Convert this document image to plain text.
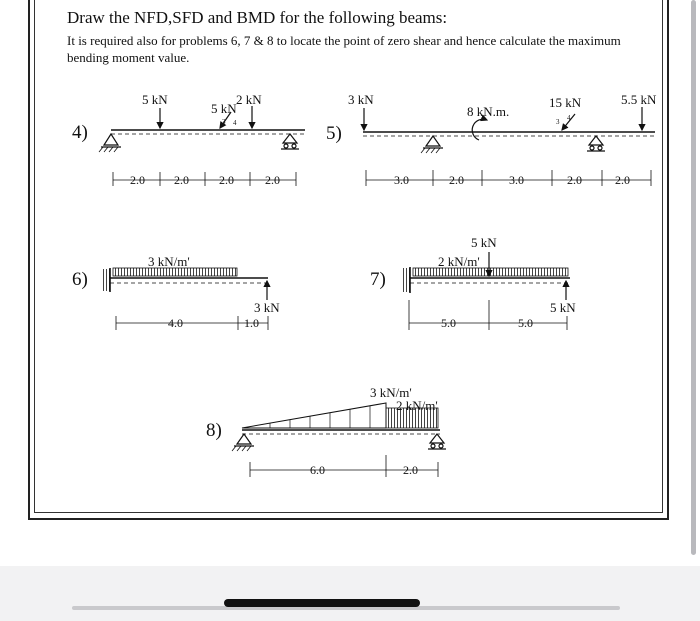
Draw the NFD,SFD and BMD for the following beams:
It is required also for problems 6, 7 & 8 to locate the point of zero shear and hence calculate the maximum bending moment value.
4)
5 kN
5 kN
2 kN
3 4
2.0 2.0	2.0	2.0
5)
3 kN
8 kN.m.
15 kN	5.5 kN
3 4
3.0	2.0	3.0	2.0	2.0
6)
3 kN/m'
3 kN
4.0	1.0
7)
5 kN
2 kN/m'
5 kN
5.0	5.0
8)
3 kN/m'
2 kN/m'
6.0	2.0
